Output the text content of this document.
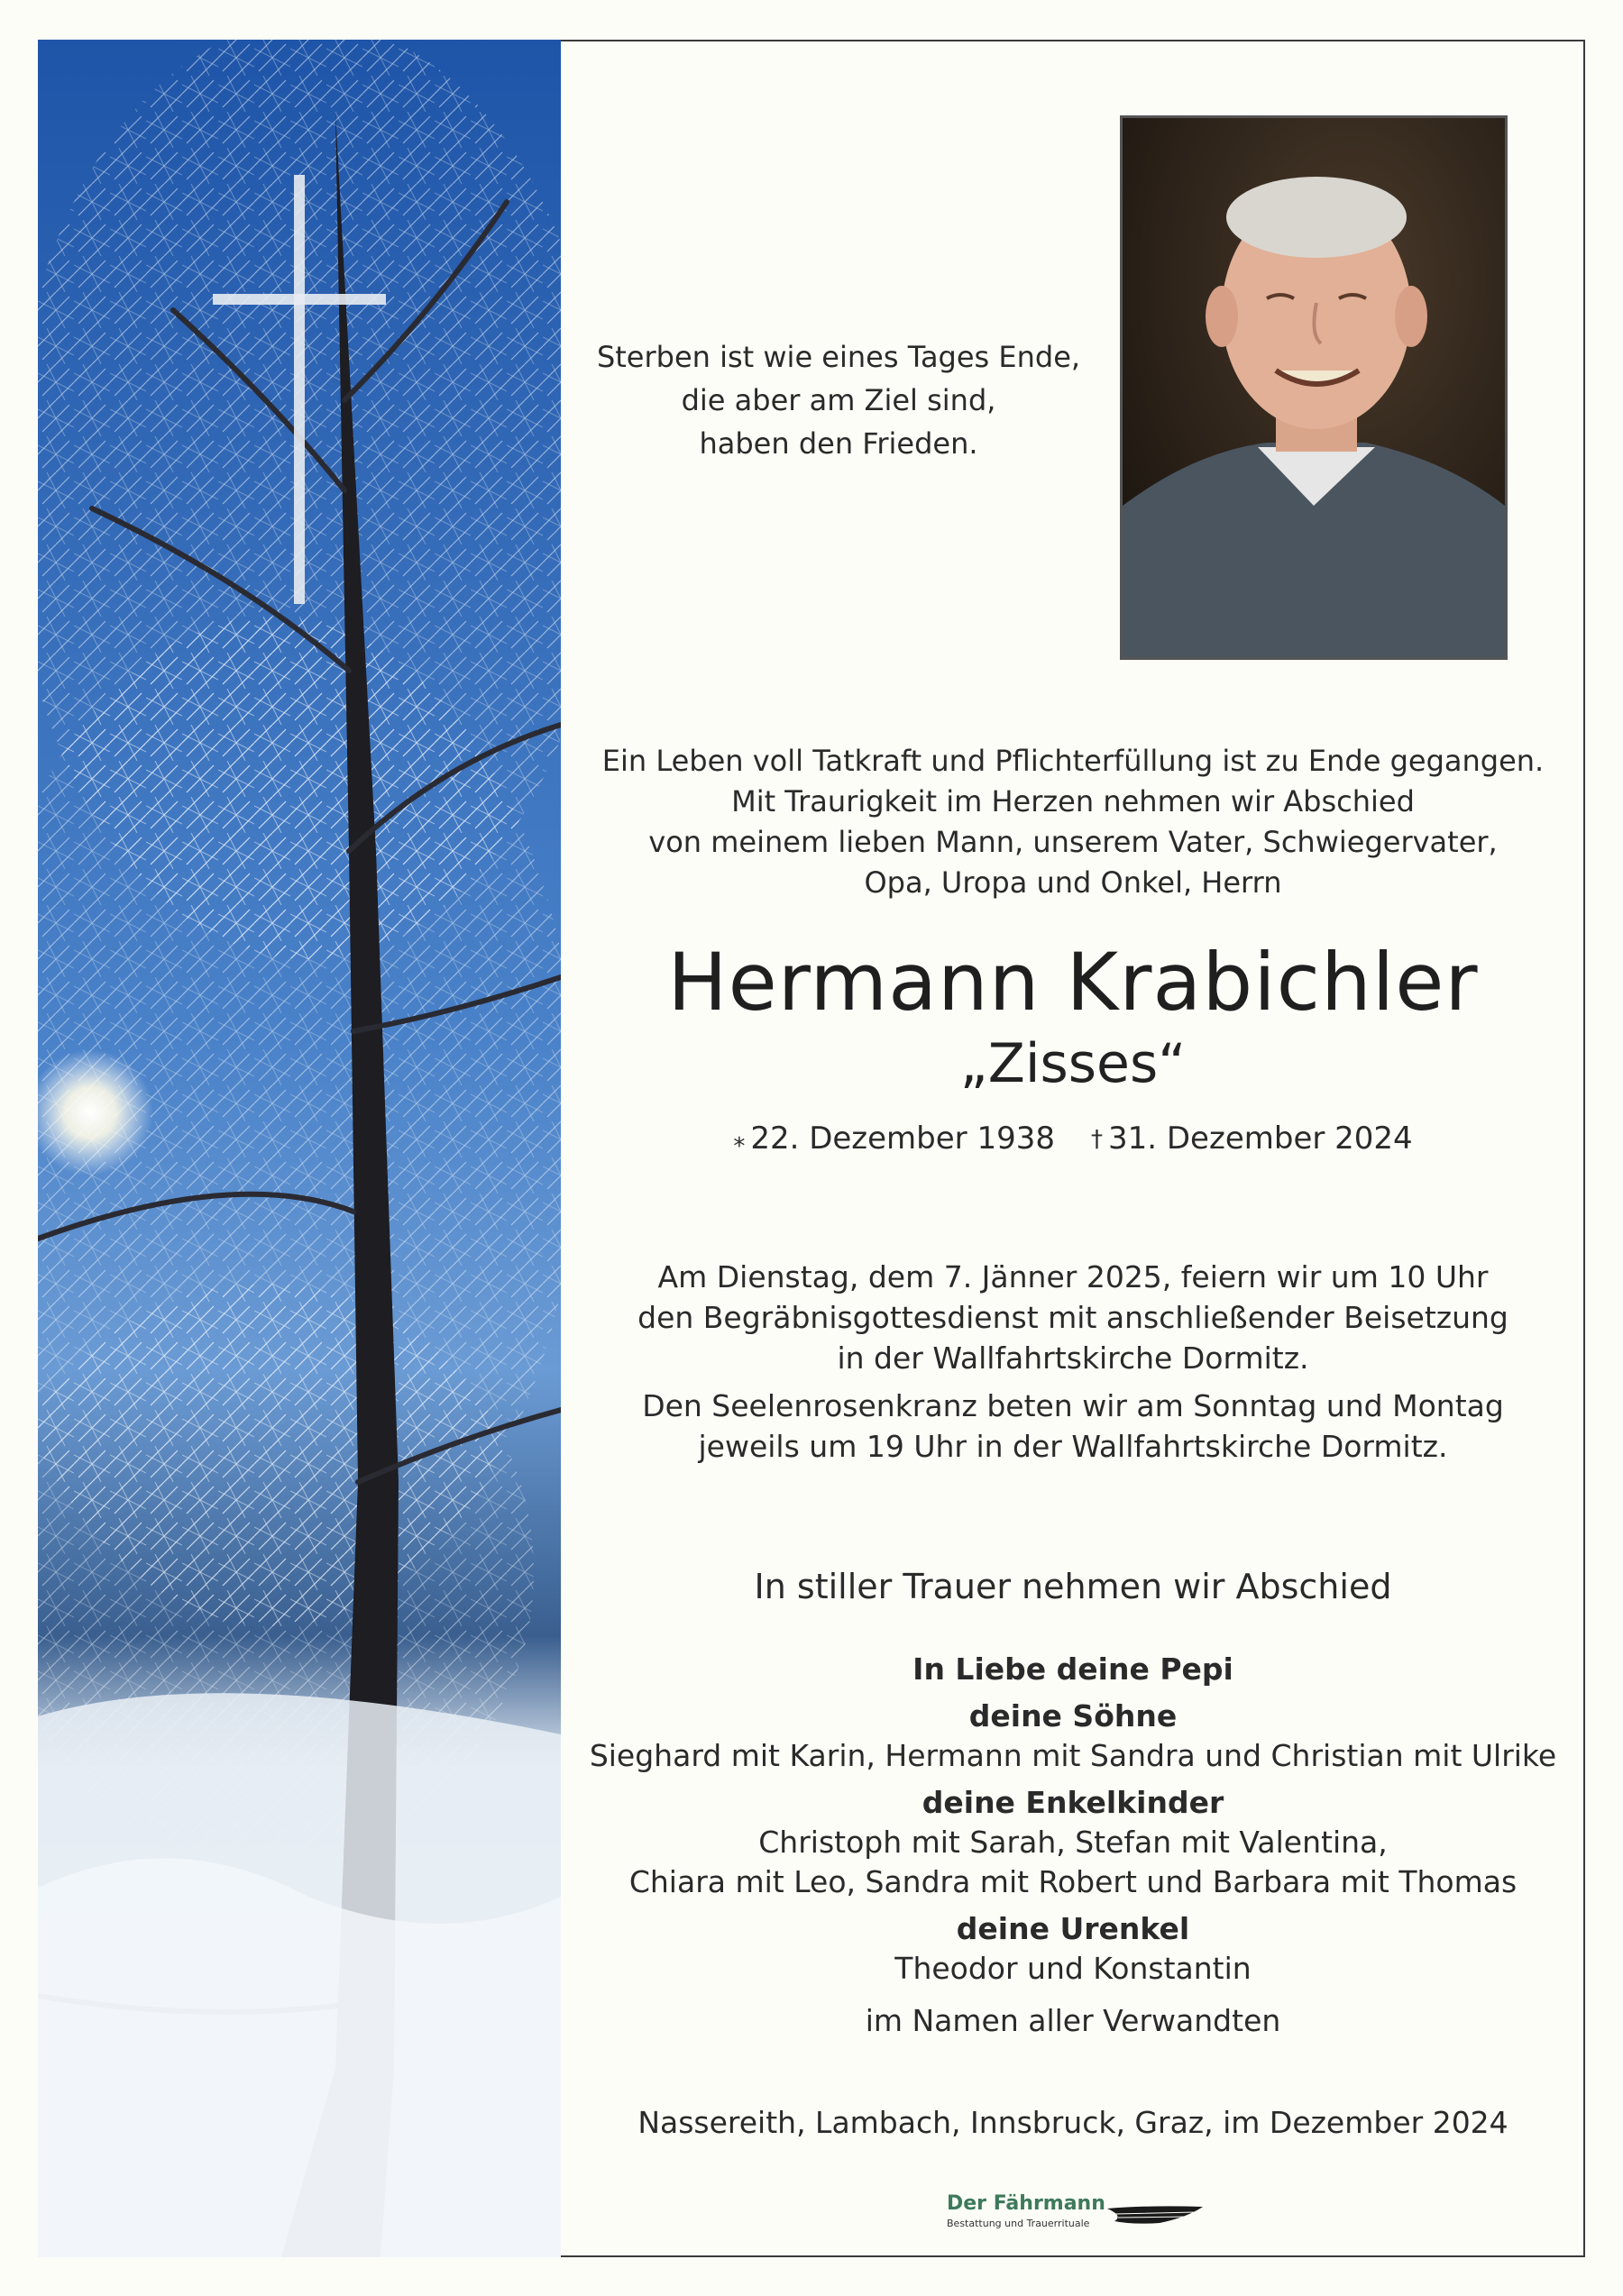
Sterben ist wie eines Tages Ende,
die aber am Ziel sind,
haben den Frieden.
Ein Leben voll Tatkraft und Pflichterfüllung ist zu Ende gegangen.
Mit Traurigkeit im Herzen nehmen wir Abschied
von meinem lieben Mann, unserem Vater, Schwiegervater,
Opa, Uropa und Onkel, Herrn
Hermann Krabichler
„Zisses“
⁎ 22. Dezember 1938 † 31. Dezember 2024

Am Dienstag, dem 7. Jänner 2025, feiern wir um 10 Uhr
den Begräbnisgottesdienst mit anschließender Beisetzung
in der Wallfahrtskirche Dormitz.

Den Seelenrosenkranz beten wir am Sonntag und Montag
jeweils um 19 Uhr in der Wallfahrtskirche Dormitz.

In stiller Trauer nehmen wir Abschied
In Liebe deine Pepi
deine Söhne
Sieghard mit Karin, Hermann mit Sandra und Christian mit Ulrike
deine Enkelkinder
Christoph mit Sarah, Stefan mit Valentina,
Chiara mit Leo, Sandra mit Robert und Barbara mit Thomas
deine Urenkel
Theodor und Konstantin
im Namen aller Verwandten
Nassereith, Lambach, Innsbruck, Graz, im Dezember 2024
Der Fährmann
Bestattung und Trauerrituale
